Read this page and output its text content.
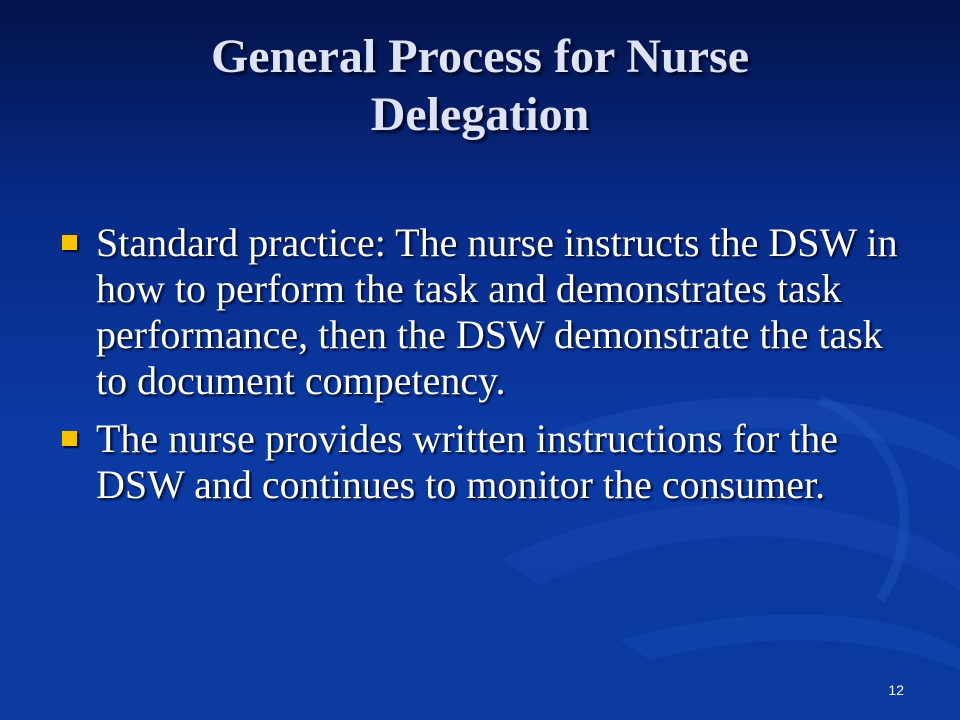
General Process for Nurse
Delegation
Standard practice: The nurse instructs the DSW in how to perform the task and demonstrates task performance, then the DSW demonstrate the task to document competency.
The nurse provides written instructions for the DSW and continues to monitor the consumer.
12
